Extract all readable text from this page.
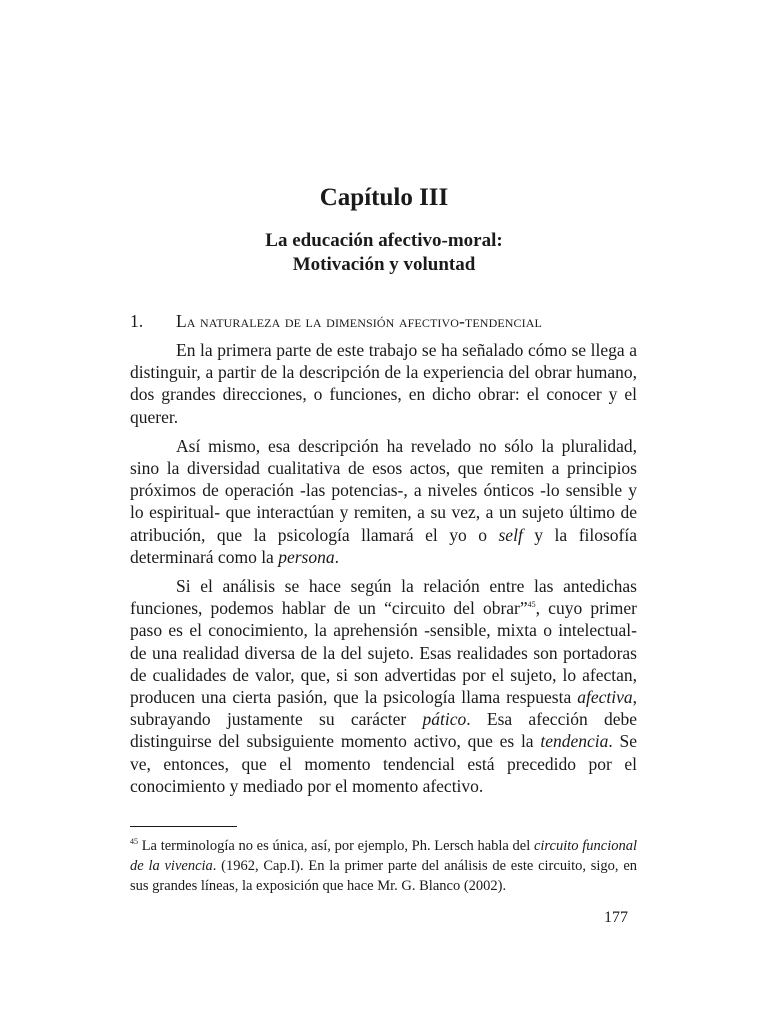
Capítulo III
La educación afectivo-moral:
Motivación y voluntad
1. La naturaleza de la dimensión afectivo-tendencial

En la primera parte de este trabajo se ha señalado cómo se llega a distinguir, a partir de la descripción de la experiencia del obrar humano, dos grandes direcciones, o funciones, en dicho obrar: el conocer y el querer.

Así mismo, esa descripción ha revelado no sólo la pluralidad, sino la diversidad cualitativa de esos actos, que remiten a principios próximos de operación -las potencias-, a niveles ónticos -lo sensible y lo espiritual- que interactúan y remiten, a su vez, a un sujeto último de atribución, que la psicología llamará el yo o self y la filosofía determinará como la persona.

Si el análisis se hace según la relación entre las antedichas funciones, podemos hablar de un “circuito del obrar”$^{45}$, cuyo primer paso es el conocimiento, la aprehensión -sensible, mixta o intelectual- de una realidad diversa de la del sujeto. Esas realidades son portadoras de cualidades de valor, que, si son advertidas por el sujeto, lo afectan, producen una cierta pasión, que la psicología llama respuesta afectiva, subrayando justamente su carácter pático. Esa afección debe distinguirse del subsiguiente momento activo, que es la tendencia. Se ve, entonces, que el momento tendencial está precedido por el conocimiento y mediado por el momento afectivo.

$^{45}$ La terminología no es única, así, por ejemplo, Ph. Lersch habla del circuito funcional de la vivencia. (1962, Cap.I). En la primer parte del análisis de este circuito, sigo, en sus grandes líneas, la exposición que hace Mr. G. Blanco (2002).
177
